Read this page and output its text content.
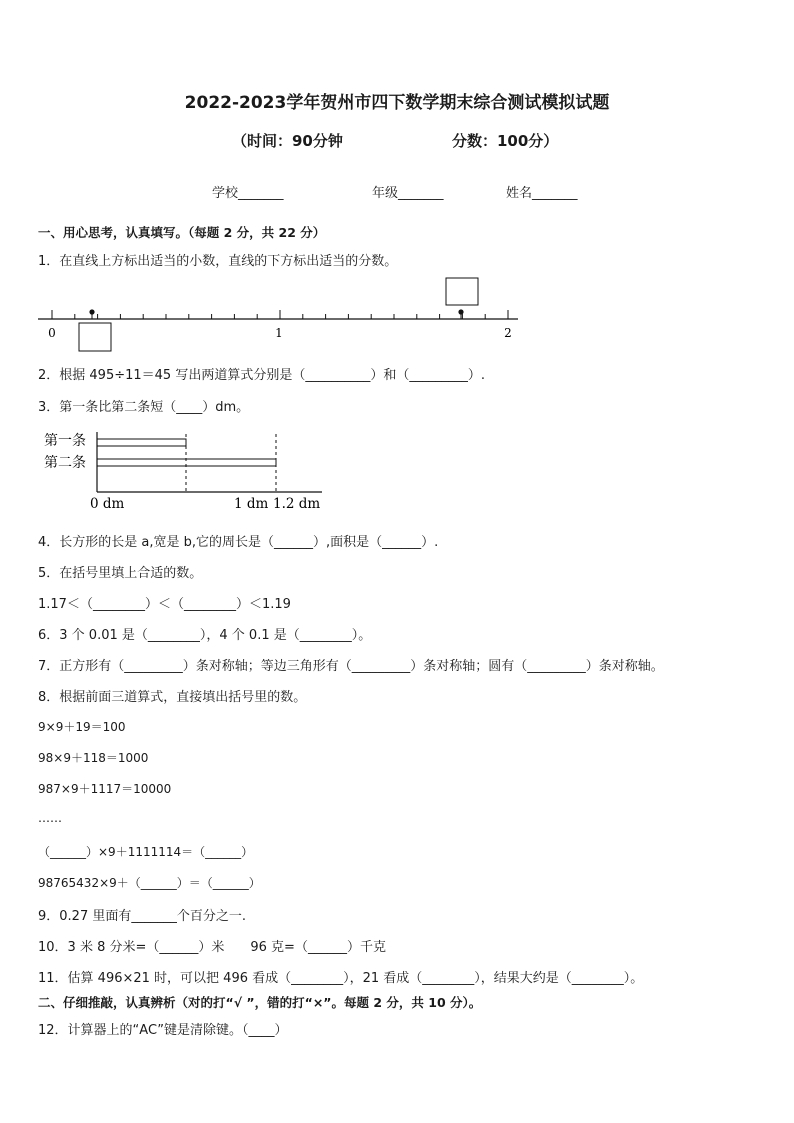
2022-2023学年贺州市四下数学期末综合测试模拟试题
（时间：90分钟	分数：100分）
学校_______	年级_______	姓名_______
一、用心思考，认真填写。（每题 2 分，共 22 分）
1．在直线上方标出适当的小数，直线的下方标出适当的分数。
0	1	2
2．根据 495÷11＝45 写出两道算式分别是（__________）和（_________）.
3．第一条比第二条短（____）dm。
第一条
第二条
0 dm	1 dm 1.2 dm
4．长方形的长是 a,宽是 b,它的周长是（______）,面积是（______）.
5．在括号里填上合适的数。
1.17＜（________）＜（________）＜1.19
6．3 个 0.01 是（________），4 个 0.1 是（________）。
7．正方形有（_________）条对称轴；等边三角形有（_________）条对称轴；圆有（_________）条对称轴。
8．根据前面三道算式，直接填出括号里的数。
9×9＋19＝100
98×9＋118＝1000
987×9＋1117＝10000
……
（______）×9＋1111114＝（______）
98765432×9＋（______）＝（______）
9．0.27 里面有_______个百分之一.
10．3 米 8 分米=（______）米　　96 克=（______）千克
11．估算 496×21 时，可以把 496 看成（________），21 看成（________），结果大约是（________）。
二、仔细推敲，认真辨析（对的打“√ ”，错的打“×”。每题 2 分，共 10 分）。
12．计算器上的“AC”键是清除键。（____）
